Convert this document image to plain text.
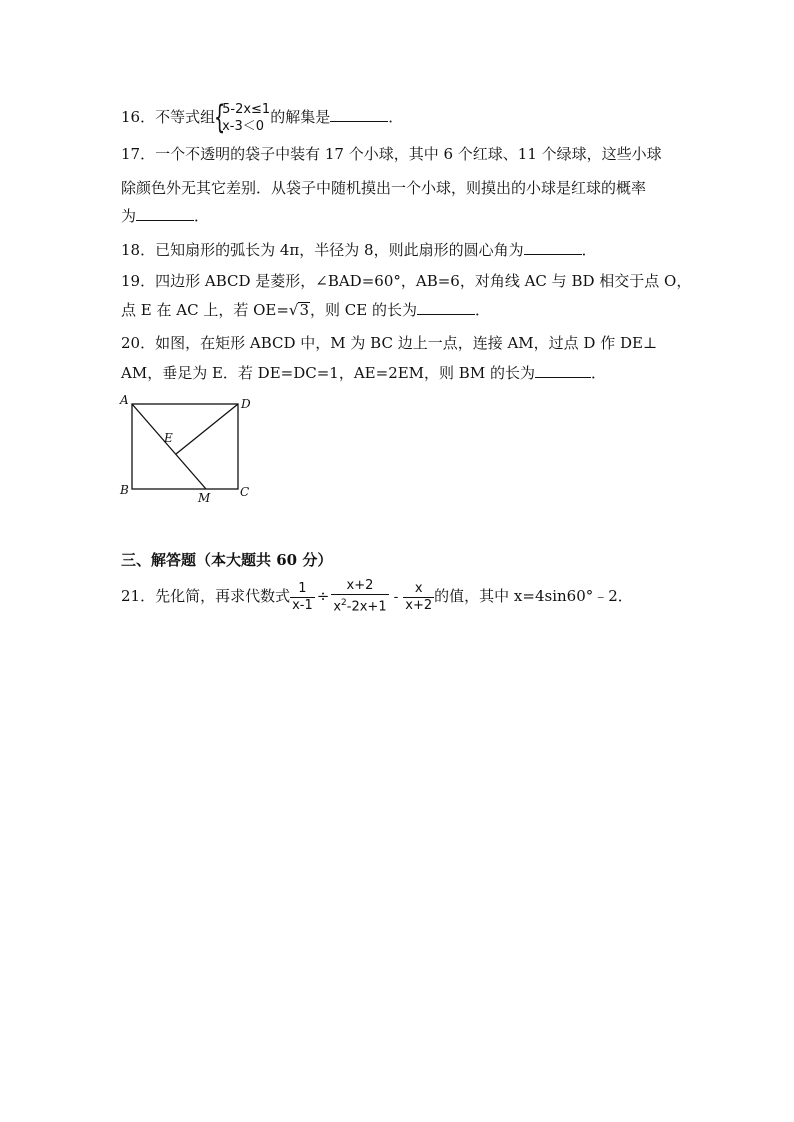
16．不等式组 {
5-2x≤1
x-3＜0
的解集是	．
17．一个不透明的袋子中装有 17 个小球，其中 6 个红球、11 个绿球，这些小球
除颜色外无其它差别．从袋子中随机摸出一个小球，则摸出的小球是红球的概率
为	．
18．已知扇形的弧长为 4π，半径为 8，则此扇形的圆心角为	．
19．四边形 ABCD 是菱形，∠BAD=60°，AB=6，对角线 AC 与 BD 相交于点 O，
点 E 在 AC 上，若 OE=√3，则 CE 的长为	．
20．如图，在矩形 ABCD 中，M 为 BC 边上一点，连接 AM，过点 D 作 DE⊥
AM，垂足为 E．若 DE=DC=1，AE=2EM，则 BM 的长为	．
A	D
E
B
M C
三、解答题（本大题共 60 分）
21．先化简，再求代数式 $\frac{1}{x-1} \div \frac{x+2}{x^2-2x+1} - \frac{x}{x+2}$ 的值，其中 x=4sin60°﹣2．
